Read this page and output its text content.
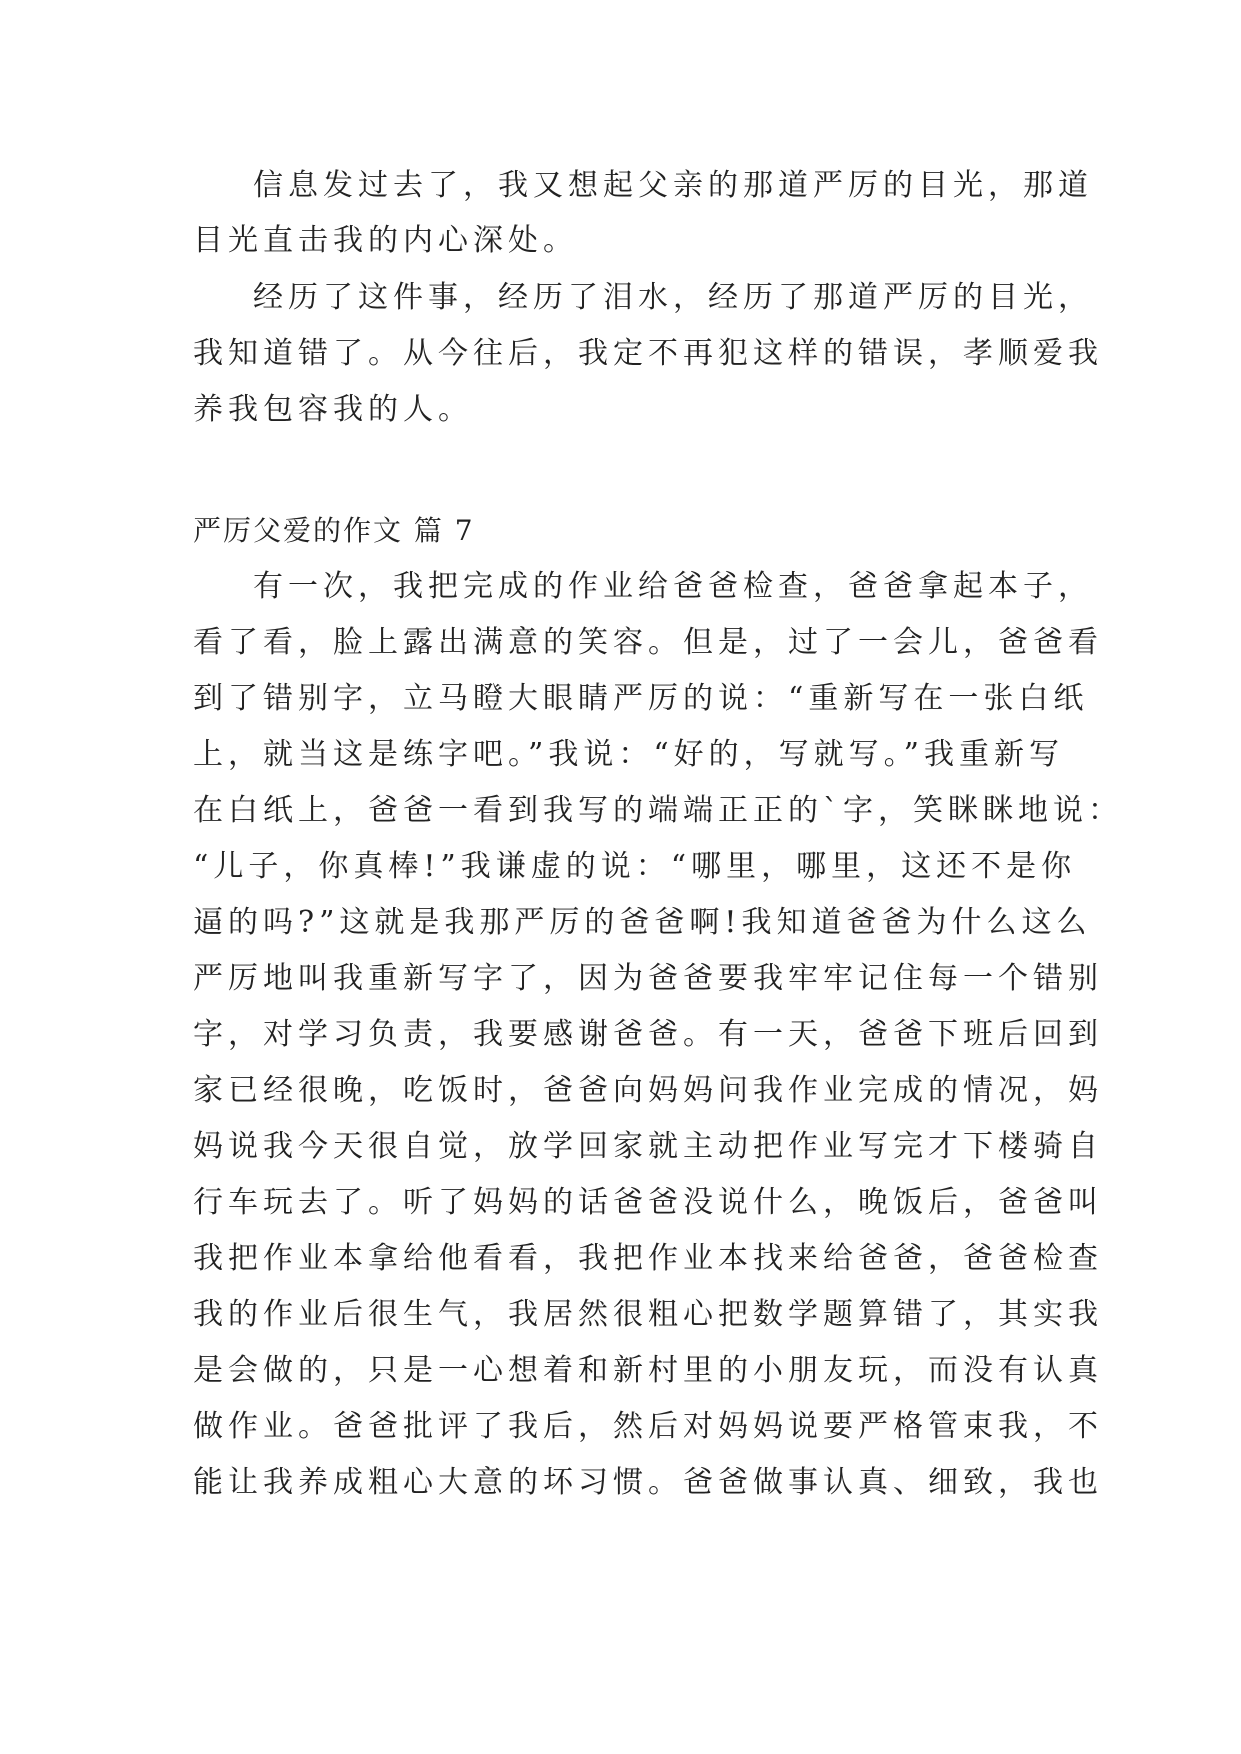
信息发过去了，我又想起父亲的那道严厉的目光，那道

目光直击我的内心深处。

经历了这件事，经历了泪水，经历了那道严厉的目光，

我知道错了。从今往后，我定不再犯这样的错误，孝顺爱我

养我包容我的人。

严厉父爱的作文 篇 7

有一次，我把完成的作业给爸爸检查，爸爸拿起本子，

看了看，脸上露出满意的笑容。但是，过了一会儿，爸爸看

到了错别字，立马瞪大眼睛严厉的说：“重新写在一张白纸

上，就当这是练字吧。”我说：“好的，写就写。”我重新写

在白纸上，爸爸一看到我写的端端正正的`字，笑眯眯地说：

“儿子，你真棒!”我谦虚的说：“哪里，哪里，这还不是你

逼的吗?”这就是我那严厉的爸爸啊!我知道爸爸为什么这么

严厉地叫我重新写字了，因为爸爸要我牢牢记住每一个错别

字，对学习负责，我要感谢爸爸。有一天，爸爸下班后回到

家已经很晚，吃饭时，爸爸向妈妈问我作业完成的情况，妈

妈说我今天很自觉，放学回家就主动把作业写完才下楼骑自

行车玩去了。听了妈妈的话爸爸没说什么，晚饭后，爸爸叫

我把作业本拿给他看看，我把作业本找来给爸爸，爸爸检查

我的作业后很生气，我居然很粗心把数学题算错了，其实我

是会做的，只是一心想着和新村里的小朋友玩，而没有认真

做作业。爸爸批评了我后，然后对妈妈说要严格管束我，不

能让我养成粗心大意的坏习惯。爸爸做事认真、细致，我也
